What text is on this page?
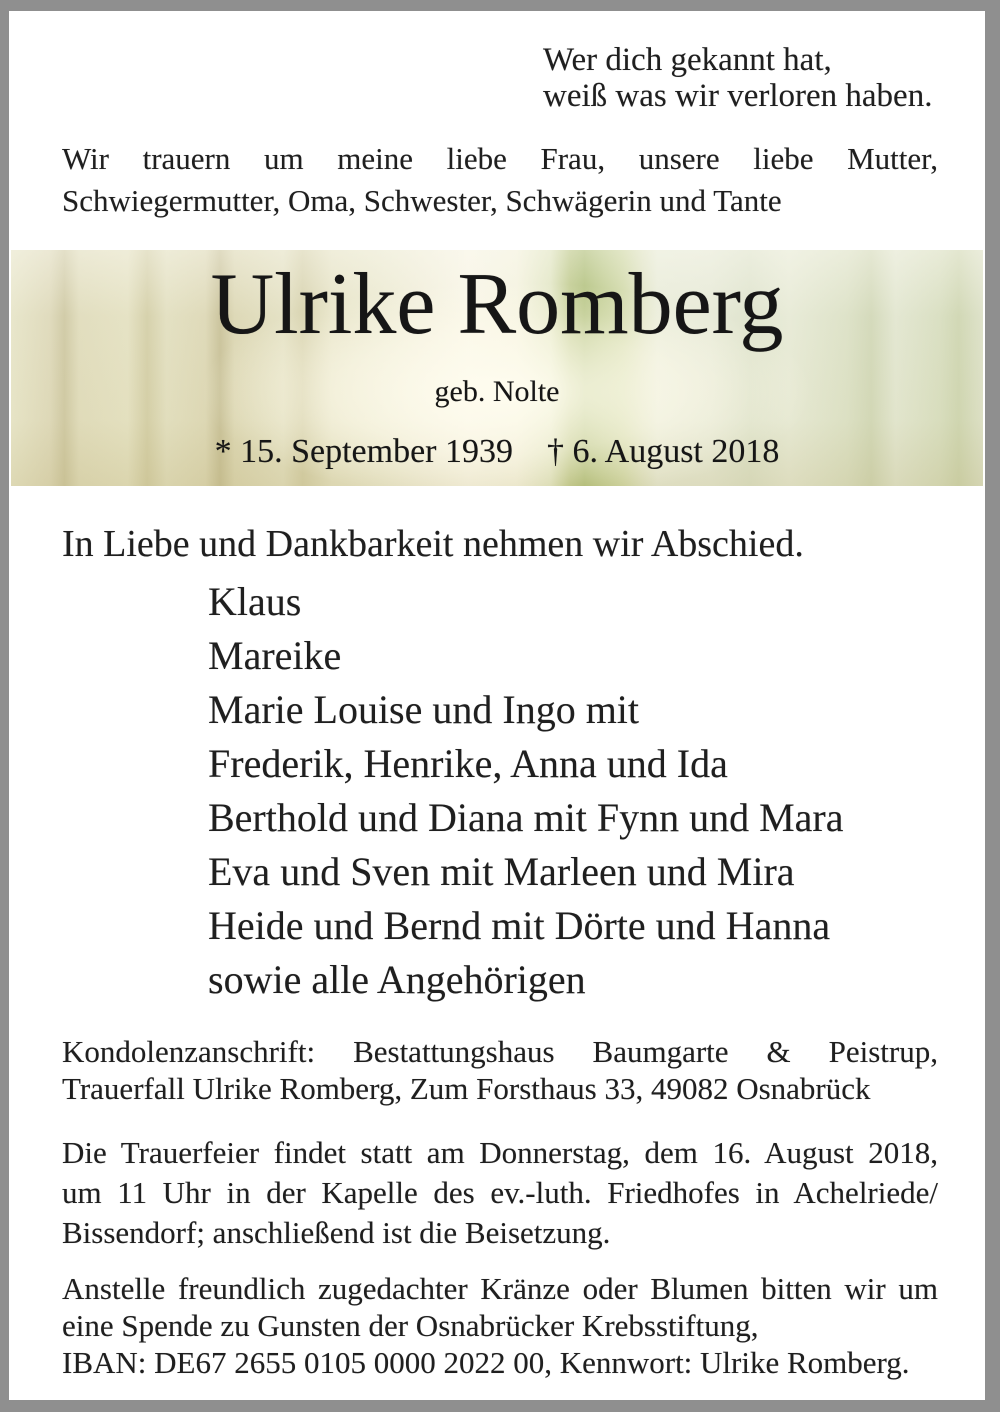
Wer dich gekannt hat,
weiß was wir verloren haben.
Wir trauern um meine liebe Frau, unsere liebe Mutter,
Schwiegermutter, Oma, Schwester, Schwägerin und Tante
Ulrike Romberg
geb. Nolte
* 15. September 1939 † 6. August 2018
In Liebe und Dankbarkeit nehmen wir Abschied.
Klaus
Mareike
Marie Louise und Ingo mit
Frederik, Henrike, Anna und Ida
Berthold und Diana mit Fynn und Mara
Eva und Sven mit Marleen und Mira
Heide und Bernd mit Dörte und Hanna
sowie alle Angehörigen
Kondolenzanschrift: Bestattungshaus Baumgarte & Peistrup,
Trauerfall Ulrike Romberg, Zum Forsthaus 33, 49082 Osnabrück
Die Trauerfeier findet statt am Donnerstag, dem 16. August 2018,
um 11 Uhr in der Kapelle des ev.-luth. Friedhofes in Achelriede/
Bissendorf; anschließend ist die Beisetzung.
Anstelle freundlich zugedachter Kränze oder Blumen bitten wir um
eine Spende zu Gunsten der Osnabrücker Krebsstiftung,
IBAN: DE67 2655 0105 0000 2022 00, Kennwort: Ulrike Romberg.
